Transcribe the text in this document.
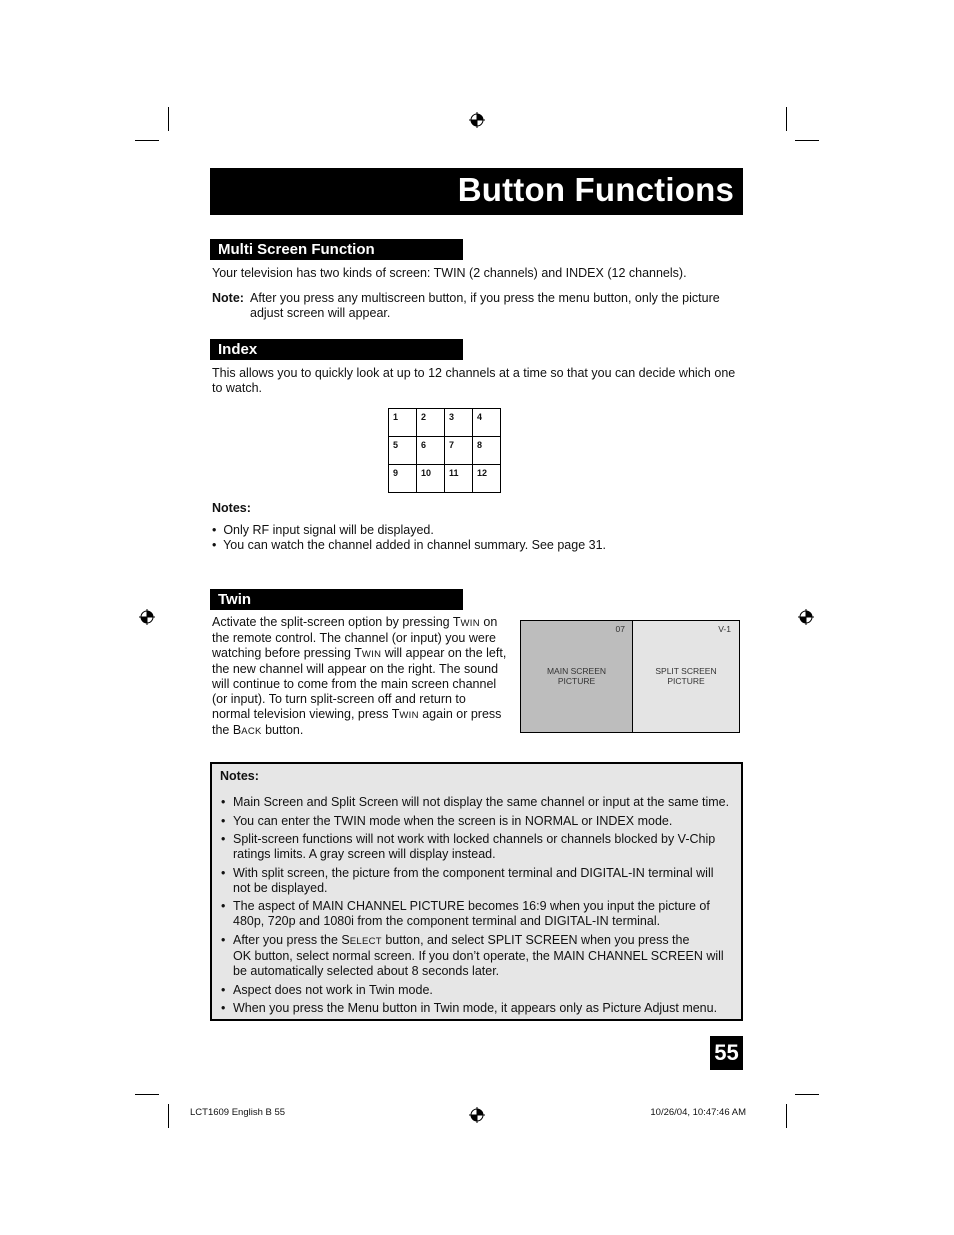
Button Functions
Multi Screen Function
Your television has two kinds of screen: TWIN (2 channels) and INDEX (12 channels).
Note: After you press any multiscreen button, if you press the menu button, only the picture
adjust screen will appear.
Index
This allows you to quickly look at up to 12 channels at a time so that you can decide which one
to watch.
1	2	3	4
5	6	7	8
9	10	11	12
Notes:
•  Only RF input signal will be displayed.
•  You can watch the channel added in channel summary. See page 31.
Twin
Activate the split-screen option by pressing TWIN on
the remote control. The channel (or input) you were
watching before pressing TWIN will appear on the left,
the new channel will appear on the right. The sound
will continue to come from the main screen channel
(or input). To turn split-screen off and return to
normal television viewing, press TWIN again or press
the BACK button.
07
MAIN SCREEN
PICTURE
V-1
SPLIT SCREEN
PICTURE
Notes:
• Main Screen and Split Screen will not display the same channel or input at the same time.
• You can enter the TWIN mode when the screen is in NORMAL or INDEX mode.
• Split-screen functions will not work with locked channels or channels blocked by V-Chip
ratings limits. A gray screen will display instead.
• With split screen, the picture from the component terminal and DIGITAL-IN terminal will
not be displayed.
• The aspect of MAIN CHANNEL PICTURE becomes 16:9 when you input the picture of
480p, 720p and 1080i from the component terminal and DIGITAL-IN terminal.
• After you press the SELECT button, and select SPLIT SCREEN when you press the
OK button, select normal screen. If you don’t operate, the MAIN CHANNEL SCREEN will
be automatically selected about 8 seconds later.
• Aspect does not work in Twin mode.
• When you press the Menu button in Twin mode, it appears only as Picture Adjust menu.
55
LCT1609 English B 55	10/26/04, 10:47:46 AM
